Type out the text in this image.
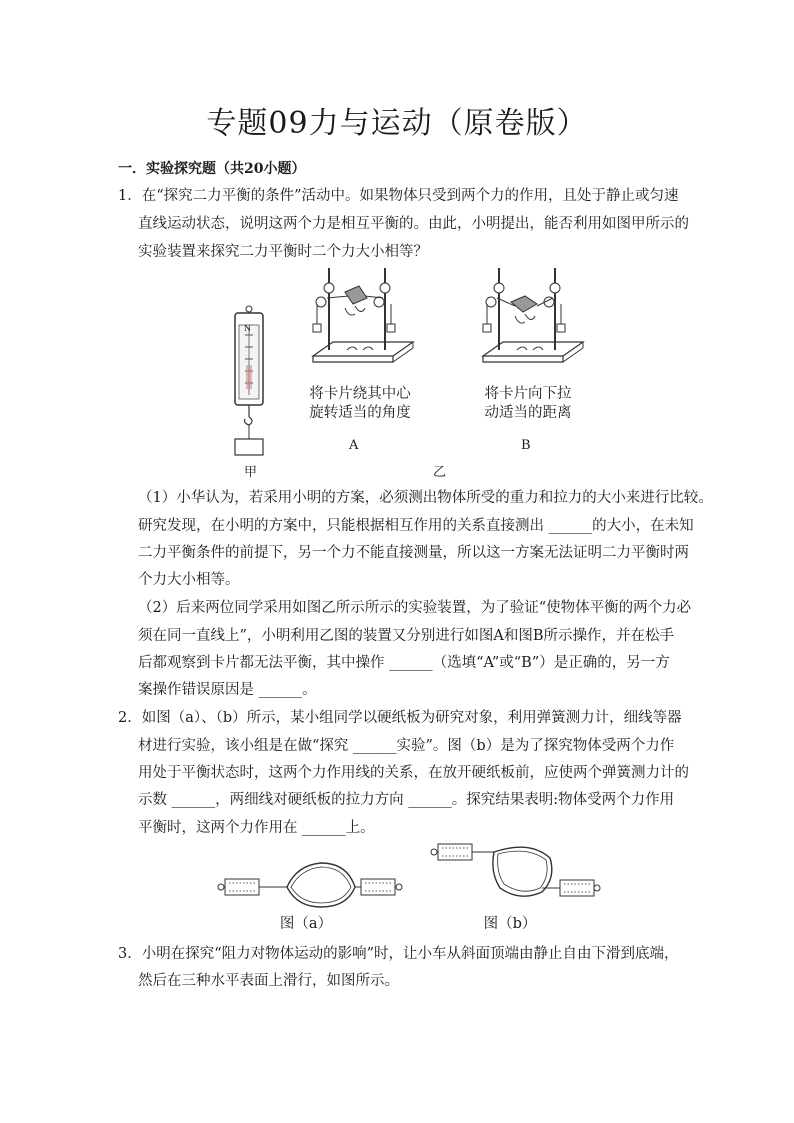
专题09力与运动（原卷版）
一．实验探究题（共20小题）
1．在“探究二力平衡的条件”活动中。如果物体只受到两个力的作用，且处于静止或匀速
直线运动状态，说明这两个力是相互平衡的。由此，小明提出，能否利用如图甲所示的
实验装置来探究二力平衡时二个力大小相等？
N
将卡片绕其中心
旋转适当的角度
将卡片向下拉
动适当的距离
A	B
甲	乙
（1）小华认为，若采用小明的方案，必须测出物体所受的重力和拉力的大小来进行比较。
研究发现，在小明的方案中，只能根据相互作用的关系直接测出 ______的大小，在未知
二力平衡条件的前提下，另一个力不能直接测量，所以这一方案无法证明二力平衡时两
个力大小相等。
（2）后来两位同学采用如图乙所示所示的实验装置，为了验证“使物体平衡的两个力必
须在同一直线上”，小明利用乙图的装置又分别进行如图A和图B所示操作，并在松手
后都观察到卡片都无法平衡，其中操作 ______（选填“A”或“B”）是正确的，另一方
案操作错误原因是 ______。
2．如图（a）、（b）所示，某小组同学以硬纸板为研究对象，利用弹簧测力计，细线等器
材进行实验，该小组是在做“探究 ______实验”。图（b）是为了探究物体受两个力作
用处于平衡状态时，这两个力作用线的关系，在放开硬纸板前，应使两个弹簧测力计的
示数 ______，两细线对硬纸板的拉力方向 ______。探究结果表明:物体受两个力作用
平衡时，这两个力作用在 ______上。
图（a）	图（b）
3．小明在探究“阻力对物体运动的影响”时，让小车从斜面顶端由静止自由下滑到底端，
然后在三种水平表面上滑行，如图所示。
